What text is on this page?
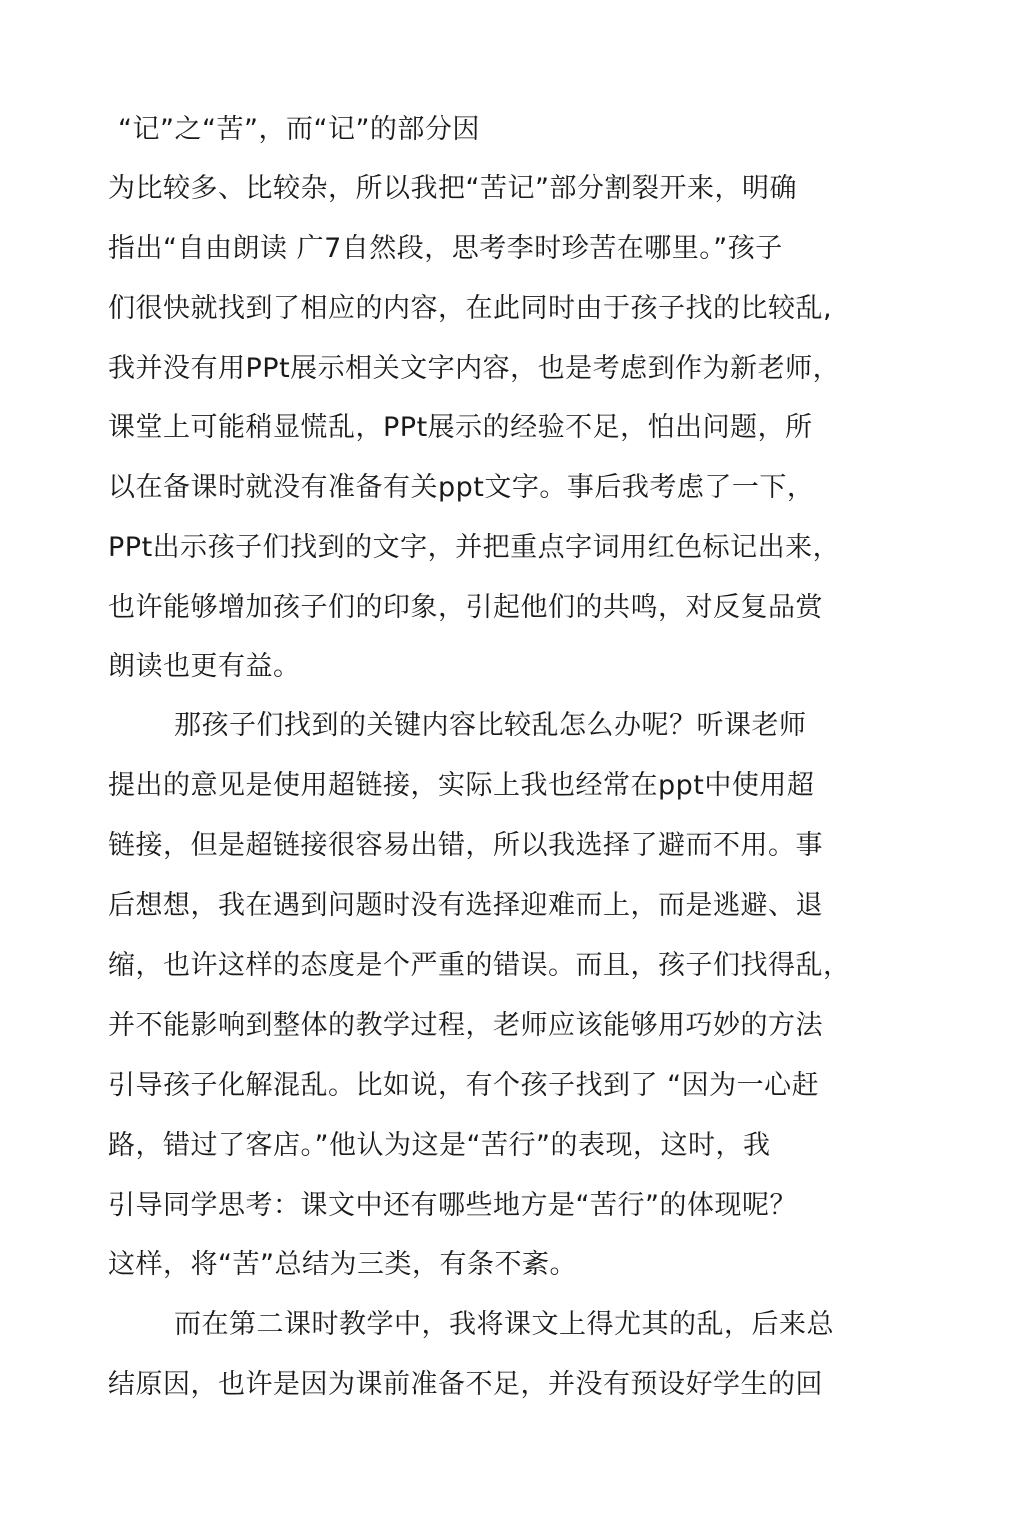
“记”之“苦”，而“记”的部分因
为比较多、比较杂，所以我把“苦记”部分割裂开来，明确
指出“自由朗读 广7自然段，思考李时珍苦在哪里。”孩子
们很快就找到了相应的内容，在此同时由于孩子找的比较乱,
我并没有用PPt展示相关文字内容，也是考虑到作为新老师，
课堂上可能稍显慌乱，PPt展示的经验不足，怕出问题，所
以在备课时就没有准备有关ppt文字。事后我考虑了一下，
PPt出示孩子们找到的文字，并把重点字词用红色标记出来，
也许能够增加孩子们的印象，引起他们的共鸣，对反复品赏
朗读也更有益。
那孩子们找到的关键内容比较乱怎么办呢？听课老师
提出的意见是使用超链接，实际上我也经常在ppt中使用超
链接，但是超链接很容易出错，所以我选择了避而不用。事
后想想，我在遇到问题时没有选择迎难而上，而是逃避、退
缩，也许这样的态度是个严重的错误。而且，孩子们找得乱，
并不能影响到整体的教学过程，老师应该能够用巧妙的方法
引导孩子化解混乱。比如说，有个孩子找到了 “因为一心赶
路，错过了客店。”他认为这是“苦行”的表现，这时，我
引导同学思考：课文中还有哪些地方是“苦行”的体现呢？
这样，将“苦”总结为三类，有条不紊。
而在第二课时教学中，我将课文上得尤其的乱，后来总
结原因，也许是因为课前准备不足，并没有预设好学生的回
